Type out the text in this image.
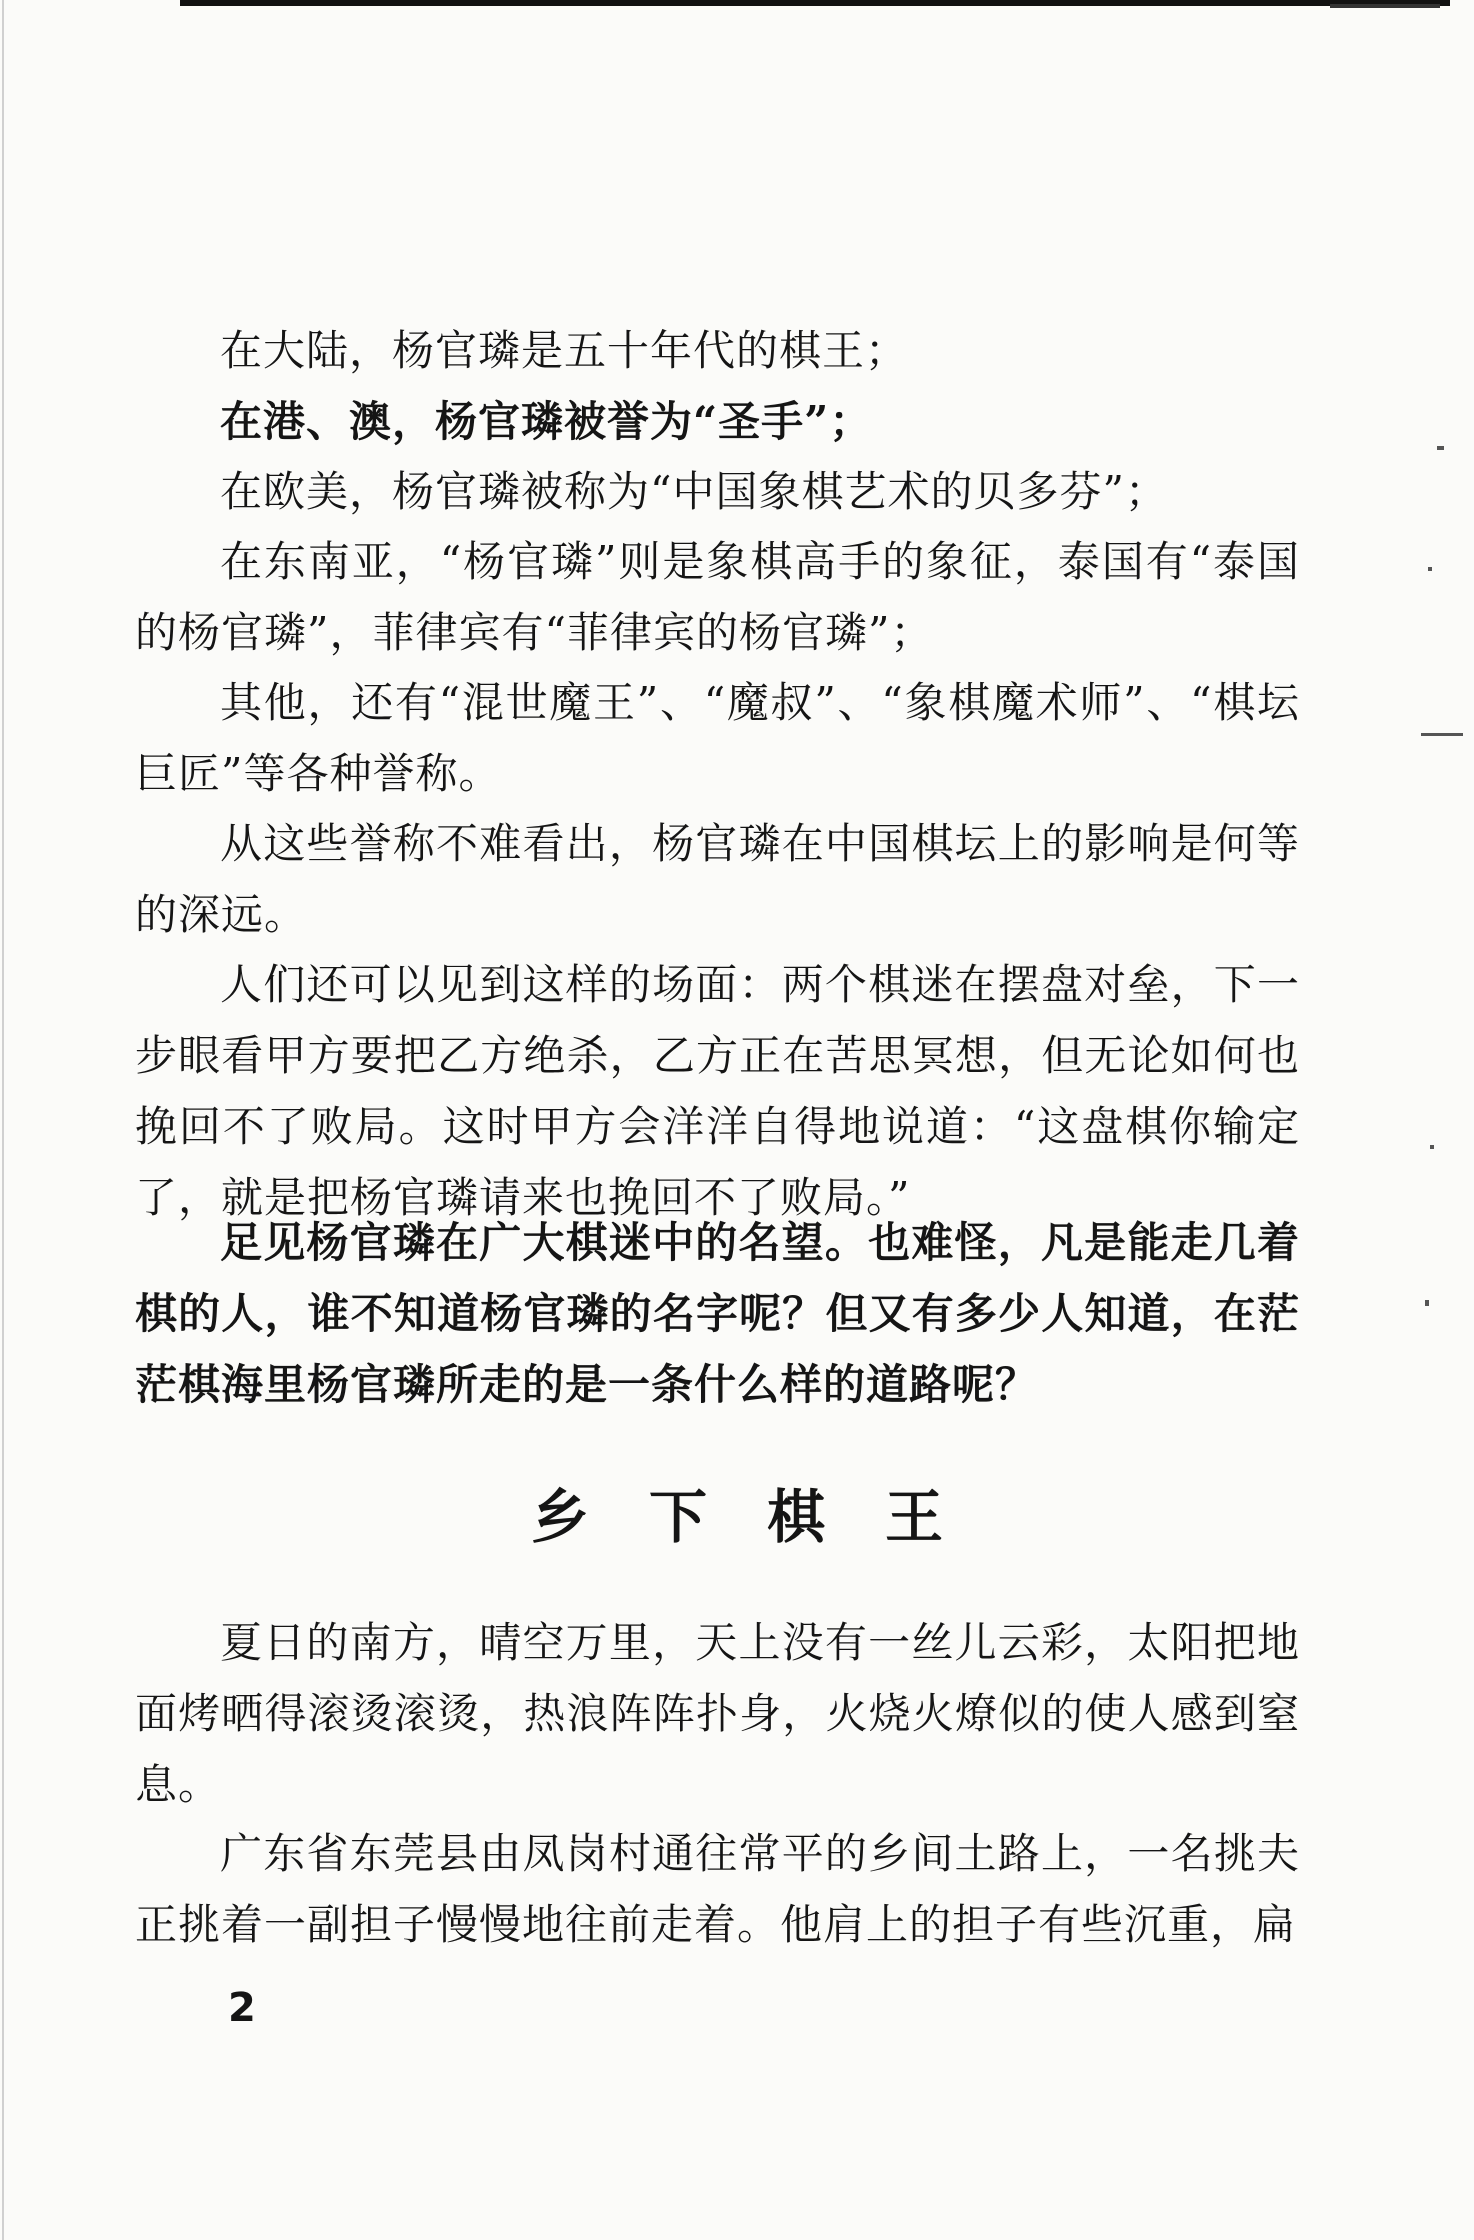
在大陆，杨官璘是五十年代的棋王；

在港、澳，杨官璘被誉为“圣手”；

在欧美，杨官璘被称为“中国象棋艺术的贝多芬”；

在东南亚，“杨官璘”则是象棋高手的象征，泰国有“泰国的杨官璘”，菲律宾有“菲律宾的杨官璘”；

其他，还有“混世魔王”、“魔叔”、“象棋魔术师”、“棋坛巨匠”等各种誉称。

从这些誉称不难看出，杨官璘在中国棋坛上的影响是何等的深远。

人们还可以见到这样的场面：两个棋迷在摆盘对垒，下一步眼看甲方要把乙方绝杀，乙方正在苦思冥想，但无论如何也挽回不了败局。这时甲方会洋洋自得地说道：“这盘棋你输定了，就是把杨官璘请来也挽回不了败局。”

足见杨官璘在广大棋迷中的名望。也难怪，凡是能走几着棋的人，谁不知道杨官璘的名字呢？但又有多少人知道，在茫茫棋海里杨官璘所走的是一条什么样的道路呢？

乡下棋王

夏日的南方，晴空万里，天上没有一丝儿云彩，太阳把地面烤晒得滚烫滚烫，热浪阵阵扑身，火烧火燎似的使人感到窒息。

广东省东莞县由凤岗村通往常平的乡间土路上，一名挑夫正挑着一副担子慢慢地往前走着。他肩上的担子有些沉重，扁

2
